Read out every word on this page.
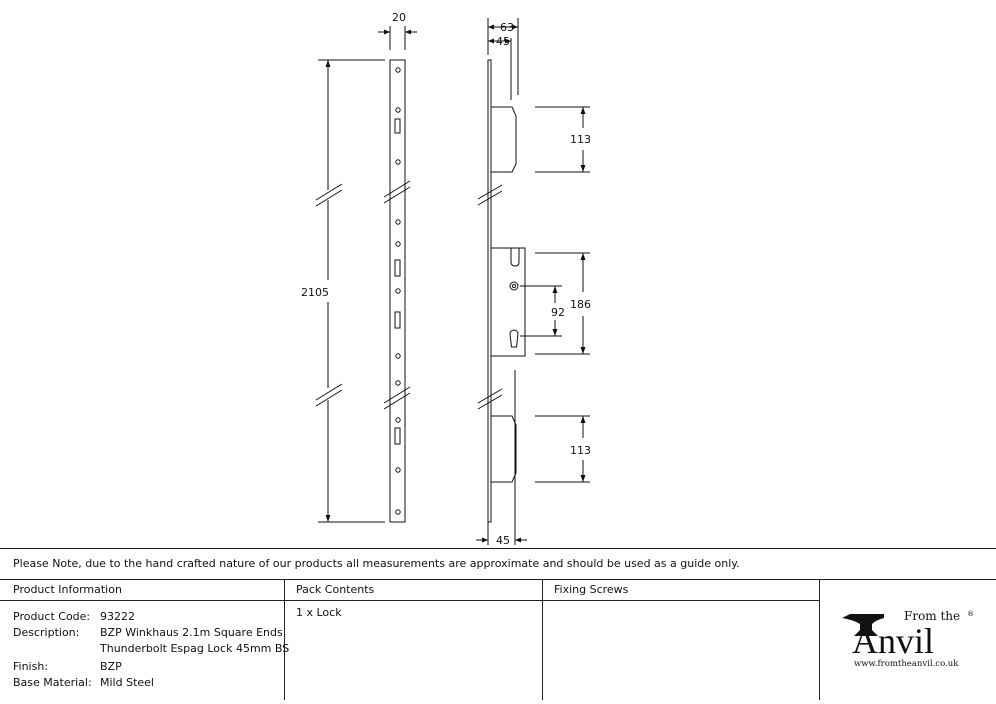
20
2105
63
45
113
186
92
113
45
Please Note, due to the hand crafted nature of our products all measurements are approximate and should be used as a guide only.
Product Information
Product Code: 93222
Description: BZP Winkhaus 2.1m Square Ends
Thunderbolt Espag Lock 45mm BS
Finish:	BZP
Base Material: Mild Steel
Pack Contents
1 x Lock
Fixing Screws
From the
Anvil
®
www.fromtheanvil.co.uk
